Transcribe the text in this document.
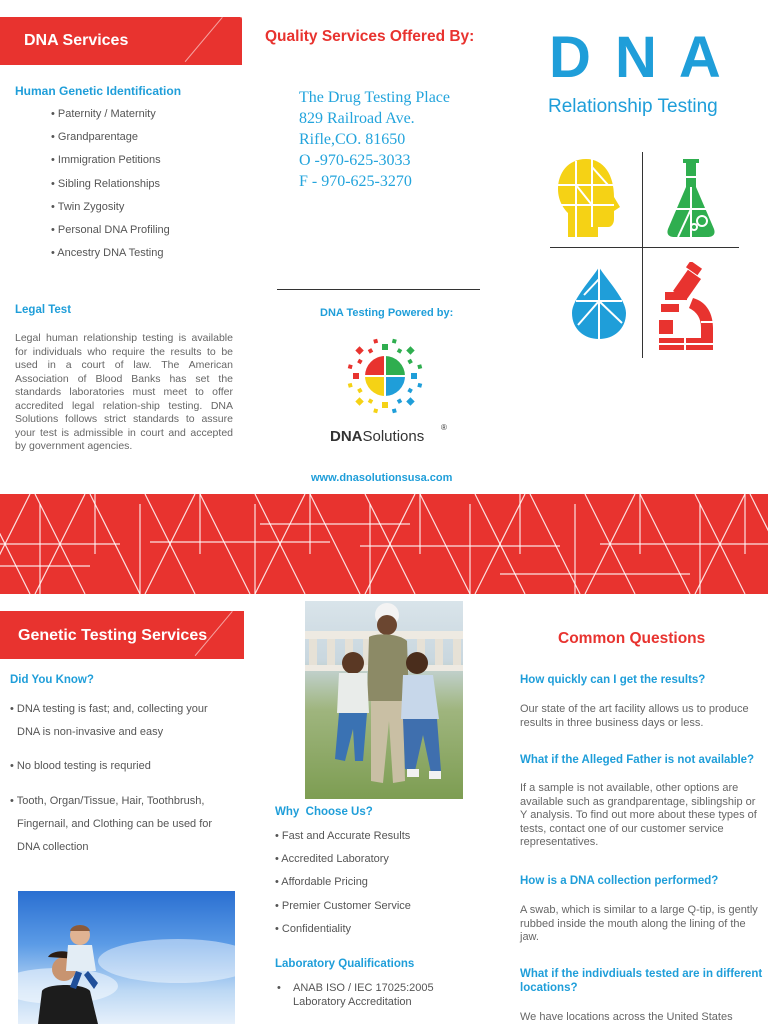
DNA Services
Human Genetic Identification
• Paternity / Maternity
• Grandparentage
• Immigration Petitions
• Sibling Relationships
• Twin Zygosity
• Personal DNA Profiling
• Ancestry DNA Testing
Legal Test
Legal human relationship testing is available for individuals who require the results to be used in a court of law. The American Association of Blood Banks has set the standards laboratories must meet to offer accredited legal relation-ship testing. DNA Solutions follows strict standards to assure your test is admissible in court and accepted by government agencies.
Quality Services Offered By:
The Drug Testing Place
829 Railroad Ave.
Rifle,CO. 81650
O -970-625-3033
F - 970-625-3270
DNA Testing Powered by:
DNASolutions
®
www.dnasolutionsusa.com
D N A
Relationship Testing
Genetic Testing Services
Did You Know?
• DNA testing is fast; and, collecting your
DNA is non-invasive and easy
• No blood testing is requried
• Tooth, Organ/Tissue, Hair, Toothbrush,
Fingernail, and Clothing can be used for
DNA collection
Why  Choose Us?
• Fast and Accurate Results
• Accredited Laboratory
• Affordable Pricing
• Premier Customer Service
• Confidentiality
Laboratory Qualifications
•	ANAB ISO / IEC 17025:2005
Laboratory Accreditation
Common Questions
How quickly can I get the results?
Our state of the art facility allows us to produce results in three business days or less.
What if the Alleged Father is not available?
If a sample is not available, other options are available such as grandparentage, siblingship or Y analysis. To find out more about these types of tests, contact one of our customer service representatives.
How is a DNA collection performed?
A swab, which is similar to a large Q-tip, is gently rubbed inside the mouth along the lining of the jaw.
What if the indivdiuals tested are in different locations?
We have locations across the United States
